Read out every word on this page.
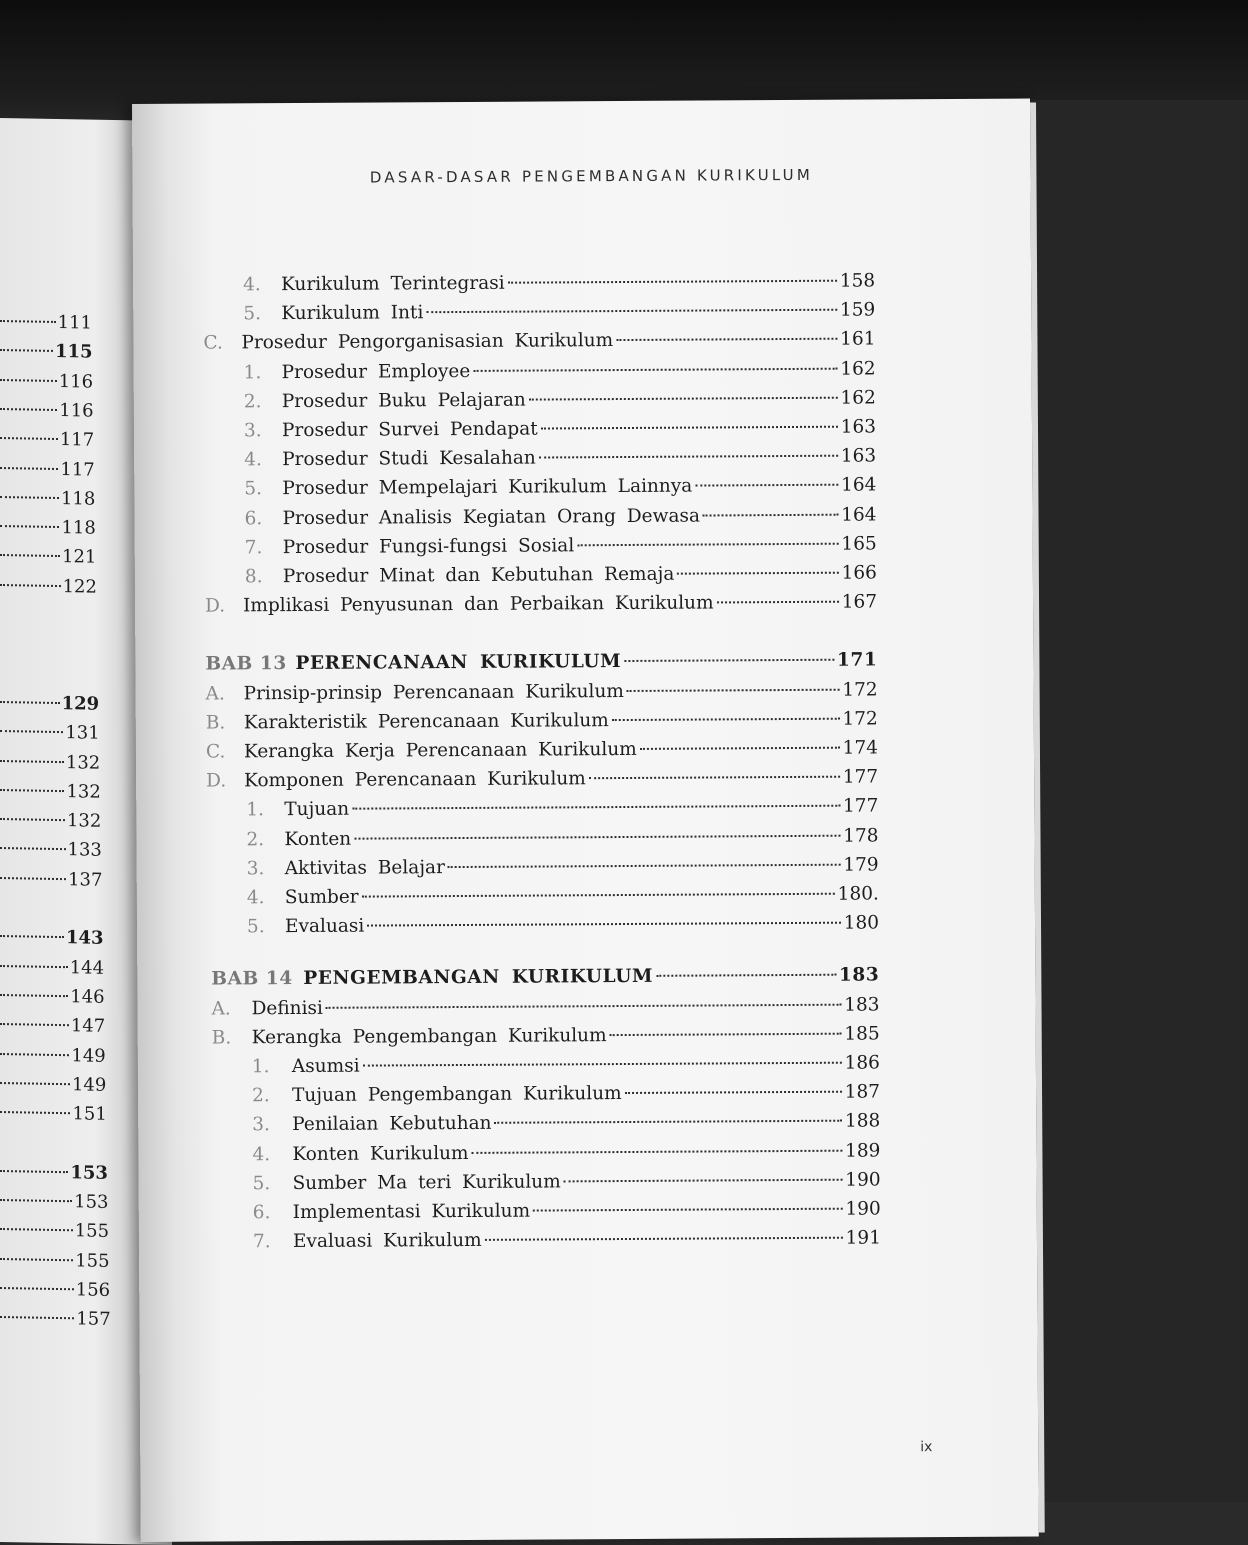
111
115
116
116
117
117
118
118
121
122
129
131
132
132
132
133
137
143
144
146
147
149
149
151
153
153
155
155
156
157
DASAR-DASAR PENGEMBANGAN KURIKULUM
ix
4.	Kurikulum Terintegrasi	158
5.	Kurikulum Inti	159
C. Prosedur Pengorganisasian Kurikulum	161
1.	Prosedur Employee	162
2.	Prosedur Buku Pelajaran	162
3.	Prosedur Survei Pendapat	163
4.	Prosedur Studi Kesalahan	163
5.	Prosedur Mempelajari Kurikulum Lainnya	164
6.	Prosedur Analisis Kegiatan Orang Dewasa	164
7.	Prosedur Fungsi-fungsi Sosial	165
8.	Prosedur Minat dan Kebutuhan Remaja	166
D. Implikasi Penyusunan dan Perbaikan Kurikulum	167
BAB 13 PERENCANAAN KURIKULUM	171
A.	Prinsip-prinsip Perencanaan Kurikulum	172
B. Karakteristik Perencanaan Kurikulum	172
C. Kerangka Kerja Perencanaan Kurikulum	174
D. Komponen Perencanaan Kurikulum	177
1.	Tujuan	177
2.	Konten	178
3.	Aktivitas Belajar	179
4.	Sumber	180.
5.	Evaluasi	180
BAB 14 PENGEMBANGAN KURIKULUM	183
A.	Definisi	183
B.	Kerangka Pengembangan Kurikulum	185
1.	Asumsi	186
2.	Tujuan Pengembangan Kurikulum	187
3.	Penilaian Kebutuhan	188
4.	Konten Kurikulum	189
5.	Sumber Ma teri Kurikulum	190
6.	Implementasi Kurikulum	190
7.	Evaluasi Kurikulum	191
